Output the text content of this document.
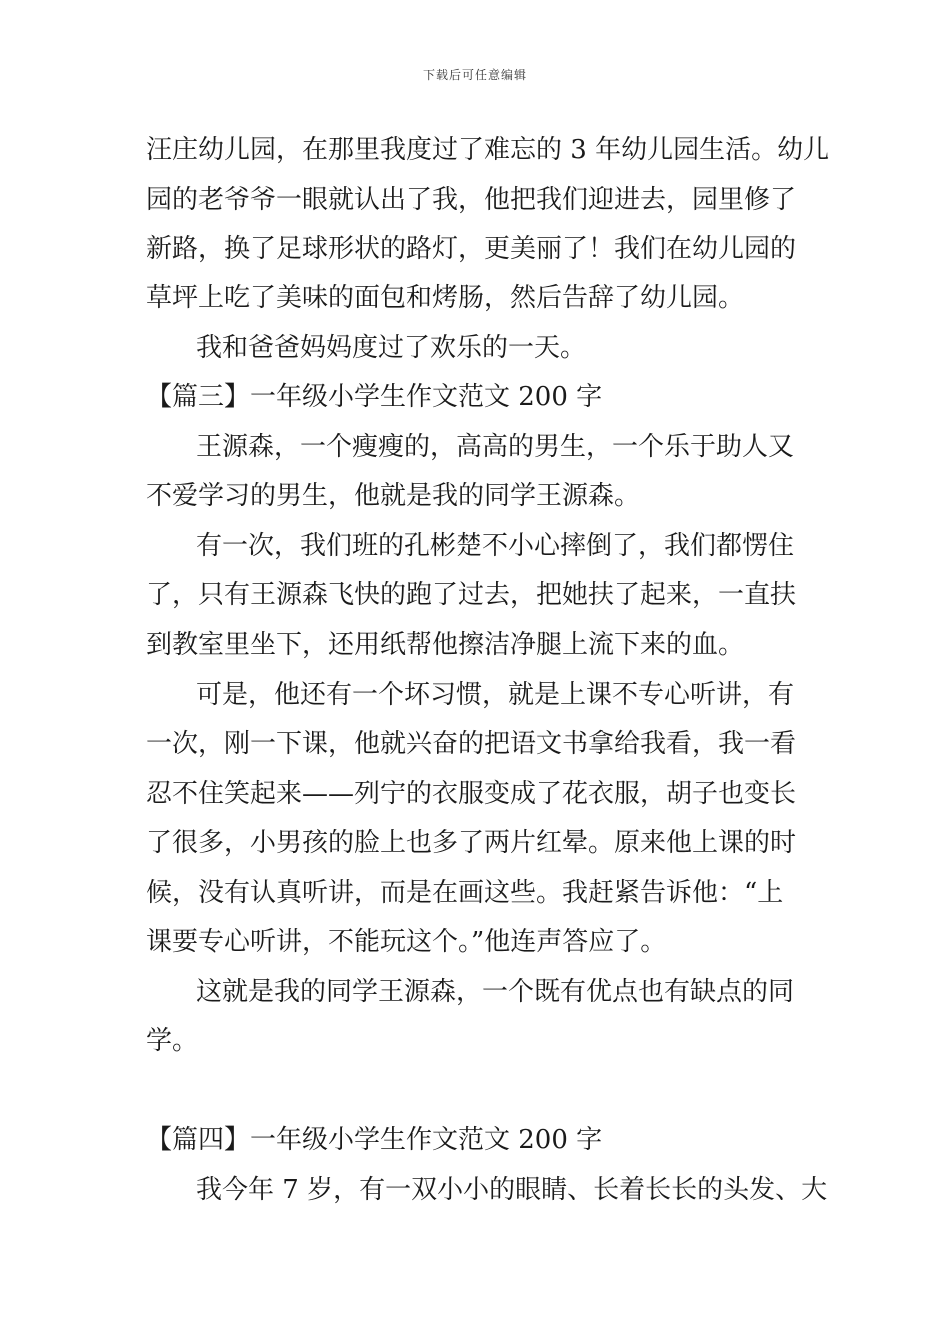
下载后可任意编辑
汪庄幼儿园，在那里我度过了难忘的 3 年幼儿园生活。幼儿
园的老爷爷一眼就认出了我，他把我们迎进去，园里修了
新路，换了足球形状的路灯，更美丽了！我们在幼儿园的
草坪上吃了美味的面包和烤肠，然后告辞了幼儿园。
我和爸爸妈妈度过了欢乐的一天。
【篇三】一年级小学生作文范文 200 字
王源森，一个瘦瘦的，高高的男生，一个乐于助人又
不爱学习的男生，他就是我的同学王源森。
有一次，我们班的孔彬楚不小心摔倒了，我们都愣住
了，只有王源森飞快的跑了过去，把她扶了起来，一直扶
到教室里坐下，还用纸帮他擦洁净腿上流下来的血。
可是，他还有一个坏习惯，就是上课不专心听讲，有
一次，刚一下课，他就兴奋的把语文书拿给我看，我一看
忍不住笑起来——列宁的衣服变成了花衣服，胡子也变长
了很多，小男孩的脸上也多了两片红晕。原来他上课的时
候，没有认真听讲，而是在画这些。我赶紧告诉他：“上
课要专心听讲，不能玩这个。”他连声答应了。
这就是我的同学王源森，一个既有优点也有缺点的同
学。
【篇四】一年级小学生作文范文 200 字
我今年 7 岁，有一双小小的眼睛、长着长长的头发、大
